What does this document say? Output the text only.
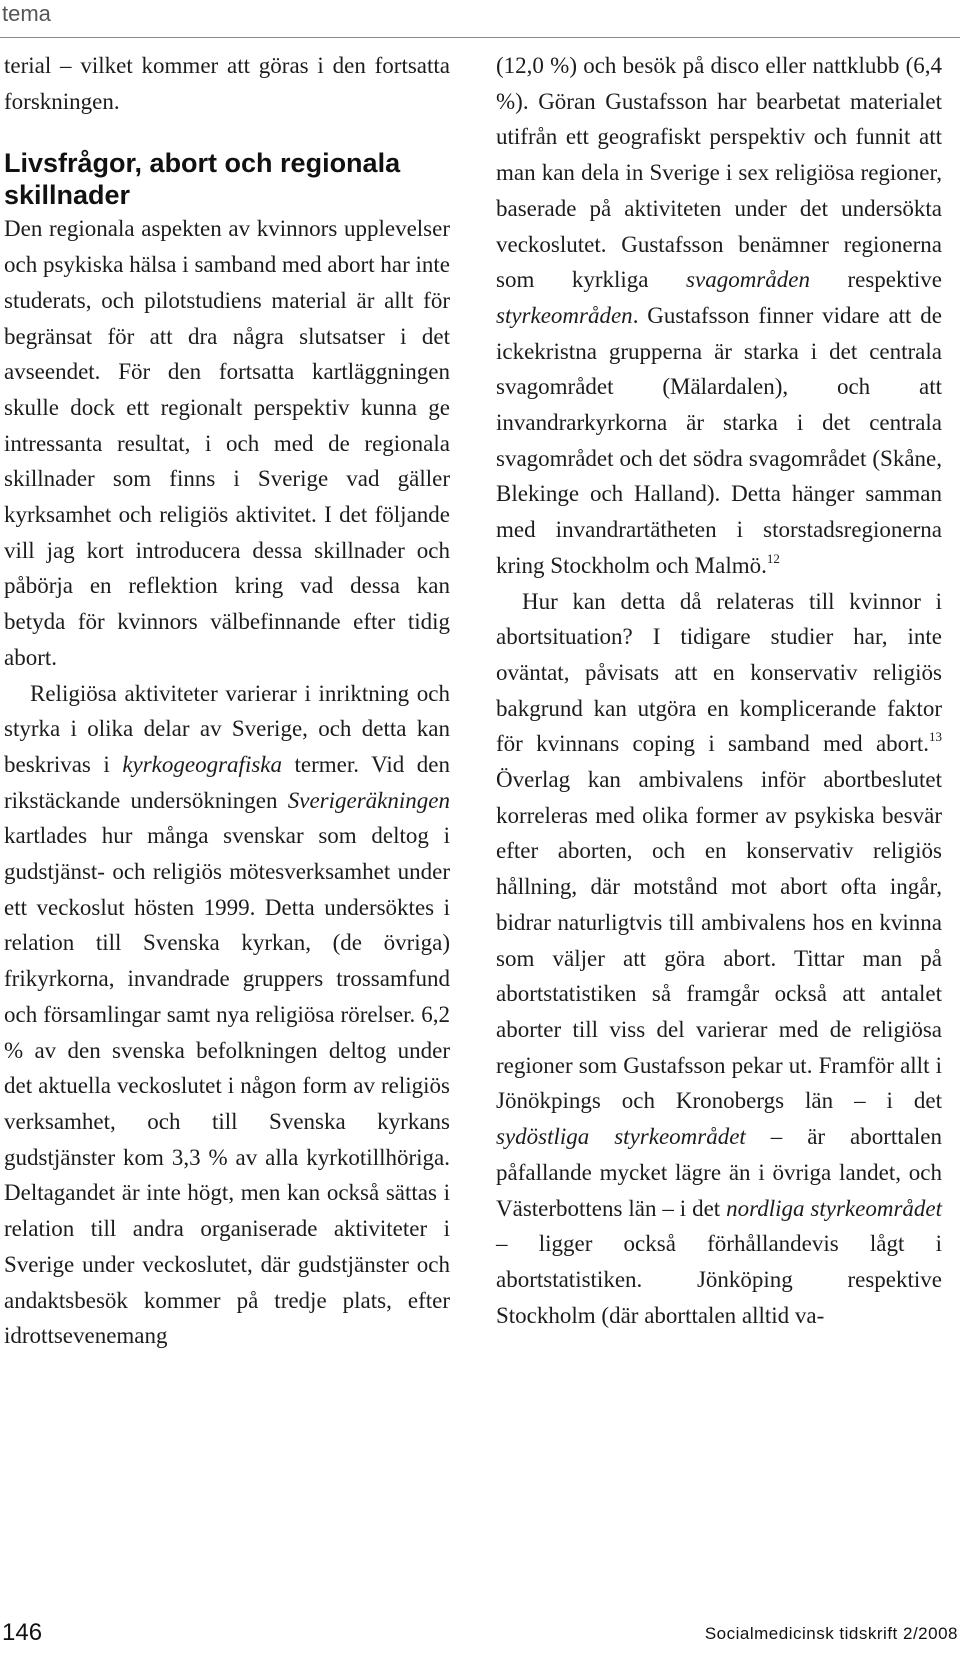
tema

terial – vilket kommer att göras i den fortsatta forskningen.

Livsfrågor, abort och regionala skillnader

Den regionala aspekten av kvinnors upplevelser och psykiska hälsa i samband med abort har inte studerats, och pilotstudiens material är allt för begränsat för att dra några slutsatser i det avseendet. För den fortsatta kartläggningen skulle dock ett regionalt perspektiv kunna ge intressanta resultat, i och med de regionala skillnader som finns i Sverige vad gäller kyrksamhet och religiös aktivitet. I det följande vill jag kort introducera dessa skillnader och påbörja en reflektion kring vad dessa kan betyda för kvinnors välbefinnande efter tidig abort.

Religiösa aktiviteter varierar i inriktning och styrka i olika delar av Sverige, och detta kan beskrivas i kyrkogeografiska termer. Vid den rikstäckande undersökningen Sverigeräkningen kartlades hur många svenskar som deltog i gudstjänst- och religiös mötesverksamhet under ett veckoslut hösten 1999. Detta undersöktes i relation till Svenska kyrkan, (de övriga) frikyrkorna, invandrade gruppers trossamfund och församlingar samt nya religiösa rörelser. 6,2 % av den svenska befolkningen deltog under det aktuella veckoslutet i någon form av religiös verksamhet, och till Svenska kyrkans gudstjänster kom 3,3 % av alla kyrkotillhöriga. Deltagandet är inte högt, men kan också sättas i relation till andra organiserade aktiviteter i Sverige under veckoslutet, där gudstjänster och andaktsbesök kommer på tredje plats, efter idrottsevenemang

(12,0 %) och besök på disco eller nattklubb (6,4 %). Göran Gustafsson har bearbetat materialet utifrån ett geografiskt perspektiv och funnit att man kan dela in Sverige i sex religiösa regioner, baserade på aktiviteten under det undersökta veckoslutet. Gustafsson benämner regionerna som kyrkliga svagområden respektive styrkeområden. Gustafsson finner vidare att de ickekristna grupperna är starka i det centrala svagområdet (Mälardalen), och att invandrarkyrkorna är starka i det centrala svagområdet och det södra svagområdet (Skåne, Blekinge och Halland). Detta hänger samman med invandrartätheten i storstadsregionerna kring Stockholm och Malmö.$^{12}$

Hur kan detta då relateras till kvinnor i abortsituation? I tidigare studier har, inte oväntat, påvisats att en konservativ religiös bakgrund kan utgöra en komplicerande faktor för kvinnans coping i samband med abort.$^{13}$ Överlag kan ambivalens inför abortbeslutet korreleras med olika former av psykiska besvär efter aborten, och en konservativ religiös hållning, där motstånd mot abort ofta ingår, bidrar naturligtvis till ambivalens hos en kvinna som väljer att göra abort. Tittar man på abortstatistiken så framgår också att antalet aborter till viss del varierar med de religiösa regioner som Gustafsson pekar ut. Framför allt i Jönökpings och Kronobergs län – i det sydöstliga styrkeområdet – är aborttalen påfallande mycket lägre än i övriga landet, och Västerbottens län – i det nordliga styrkeområdet – ligger också förhållandevis lågt i abortstatistiken. Jönköping respektive Stockholm (där aborttalen alltid va-

146	Socialmedicinsk tidskrift 2/2008
